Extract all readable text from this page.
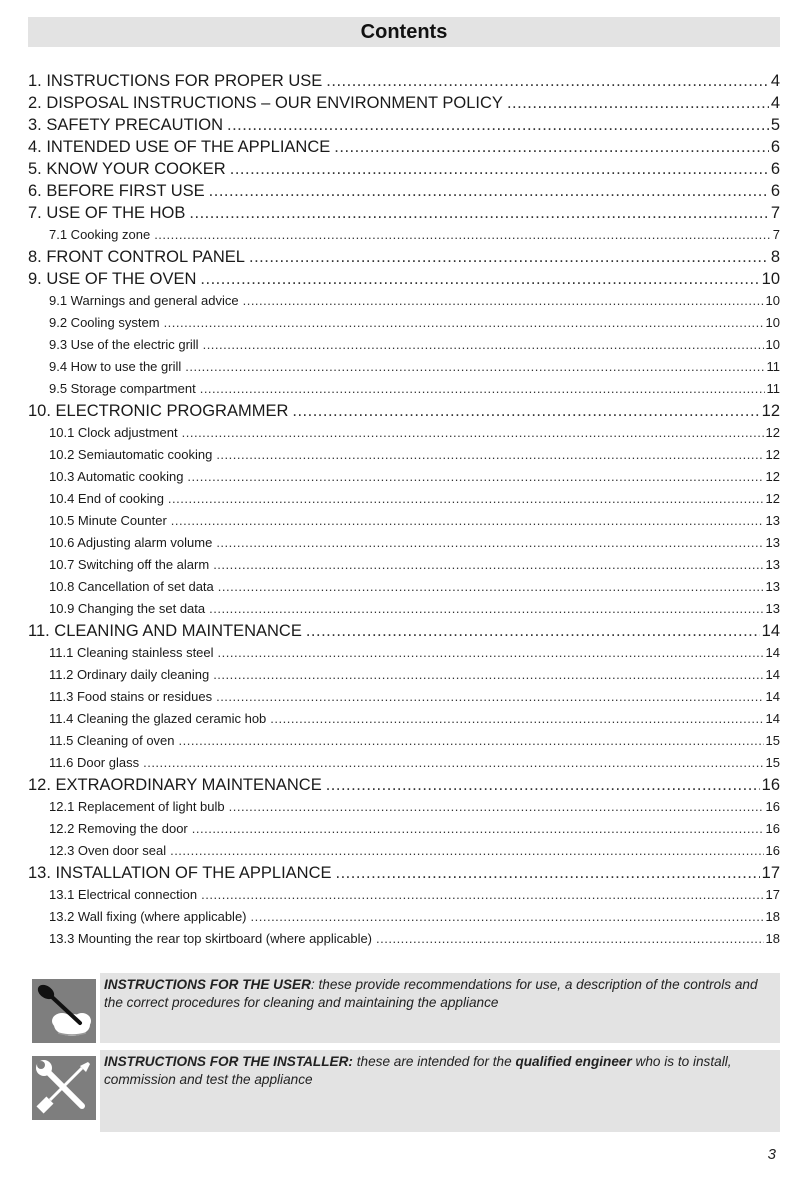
Contents
1. INSTRUCTIONS FOR PROPER USE .....	4
2. DISPOSAL INSTRUCTIONS – OUR ENVIRONMENT POLICY .....	4
3. SAFETY PRECAUTION .....	5
4. INTENDED USE OF THE APPLIANCE .....	6
5. KNOW YOUR COOKER .....	6
6. BEFORE FIRST USE .....	6
7. USE OF THE HOB .....	7
7.1 Cooking zone .....	7
8. FRONT CONTROL PANEL .....	8
9. USE OF THE OVEN .....	10
9.1 Warnings and general advice .....	10
9.2 Cooling system .....	10
9.3 Use of the electric grill .....	10
9.4 How to use the grill .....	11
9.5 Storage compartment .....	11
10. ELECTRONIC PROGRAMMER .....	12
10.1 Clock adjustment .....	12
10.2 Semiautomatic cooking .....	12
10.3 Automatic cooking .....	12
10.4 End of cooking .....	12
10.5 Minute Counter .....	13
10.6 Adjusting alarm volume .....	13
10.7 Switching off the alarm .....	13
10.8 Cancellation of set data .....	13
10.9 Changing the set data .....	13
11. CLEANING AND MAINTENANCE .....	14
11.1 Cleaning stainless steel .....	14
11.2 Ordinary daily cleaning .....	14
11.3 Food stains or residues .....	14
11.4 Cleaning the glazed ceramic hob .....	14
11.5 Cleaning of oven .....	15
11.6 Door glass .....	15
12. EXTRAORDINARY MAINTENANCE .....	16
12.1 Replacement of light bulb .....	16
12.2 Removing the door .....	16
12.3 Oven door seal .....	16
13. INSTALLATION OF THE APPLIANCE .....	17
13.1 Electrical connection .....	17
13.2 Wall fixing (where applicable) .....	18
13.3 Mounting the rear top skirtboard (where applicable) .....	18
INSTRUCTIONS FOR THE USER: these provide recommendations for use, a description of the controls and the correct procedures for cleaning and maintaining the appliance
INSTRUCTIONS FOR THE INSTALLER: these are intended for the qualified engineer who is to install, commission and test the appliance
3
